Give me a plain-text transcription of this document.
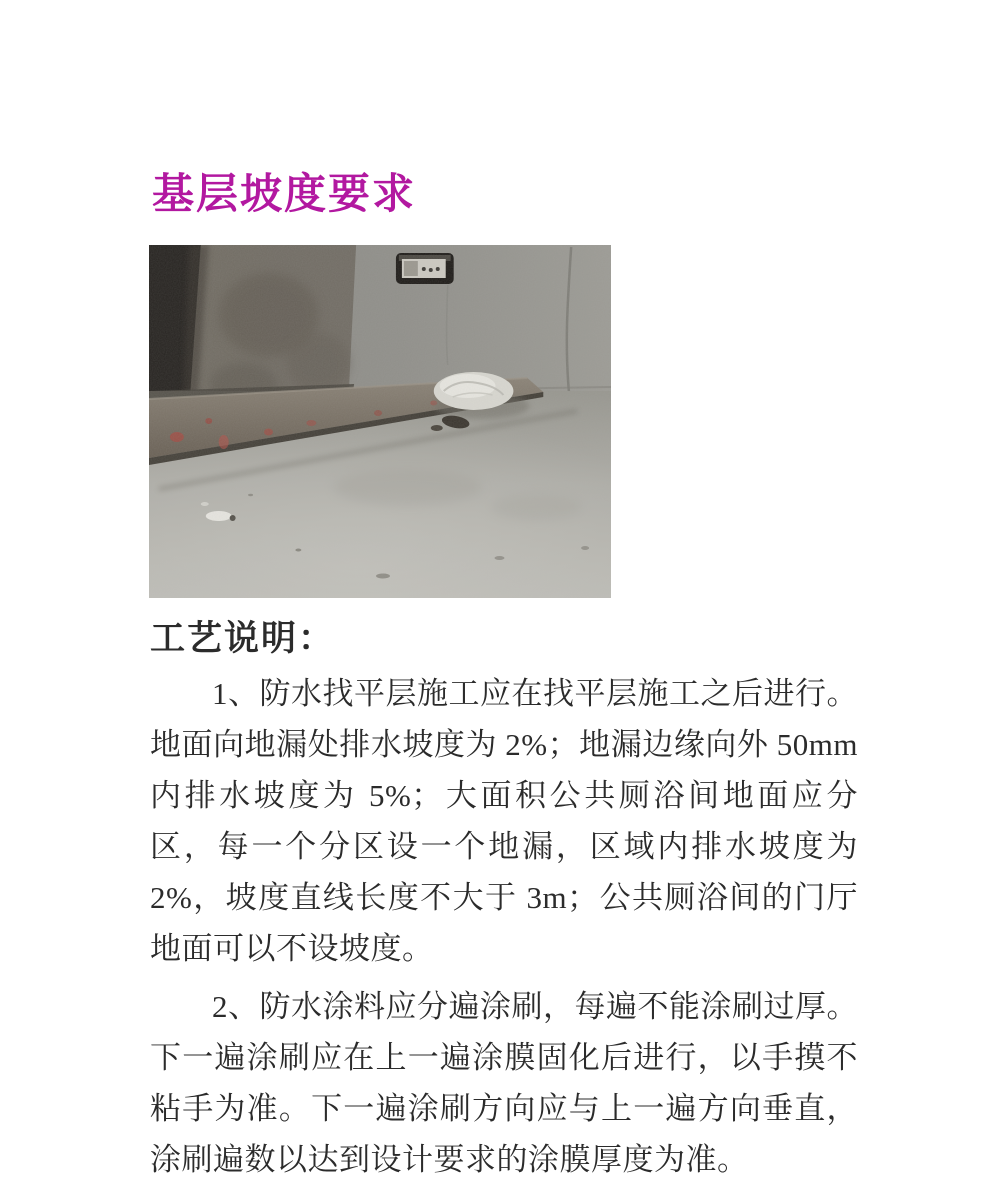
基层坡度要求
工艺说明：

1、防水找平层施工应在找平层施工之后进行。地面向地漏处排水坡度为 2%；地漏边缘向外 50mm 内排水坡度为 5%；大面积公共厕浴间地面应分区，每一个分区设一个地漏，区域内排水坡度为 2%，坡度直线长度不大于 3m；公共厕浴间的门厅地面可以不设坡度。

2、防水涂料应分遍涂刷，每遍不能涂刷过厚。下一遍涂刷应在上一遍涂膜固化后进行，以手摸不粘手为准。下一遍涂刷方向应与上一遍方向垂直，涂刷遍数以达到设计要求的涂膜厚度为准。
